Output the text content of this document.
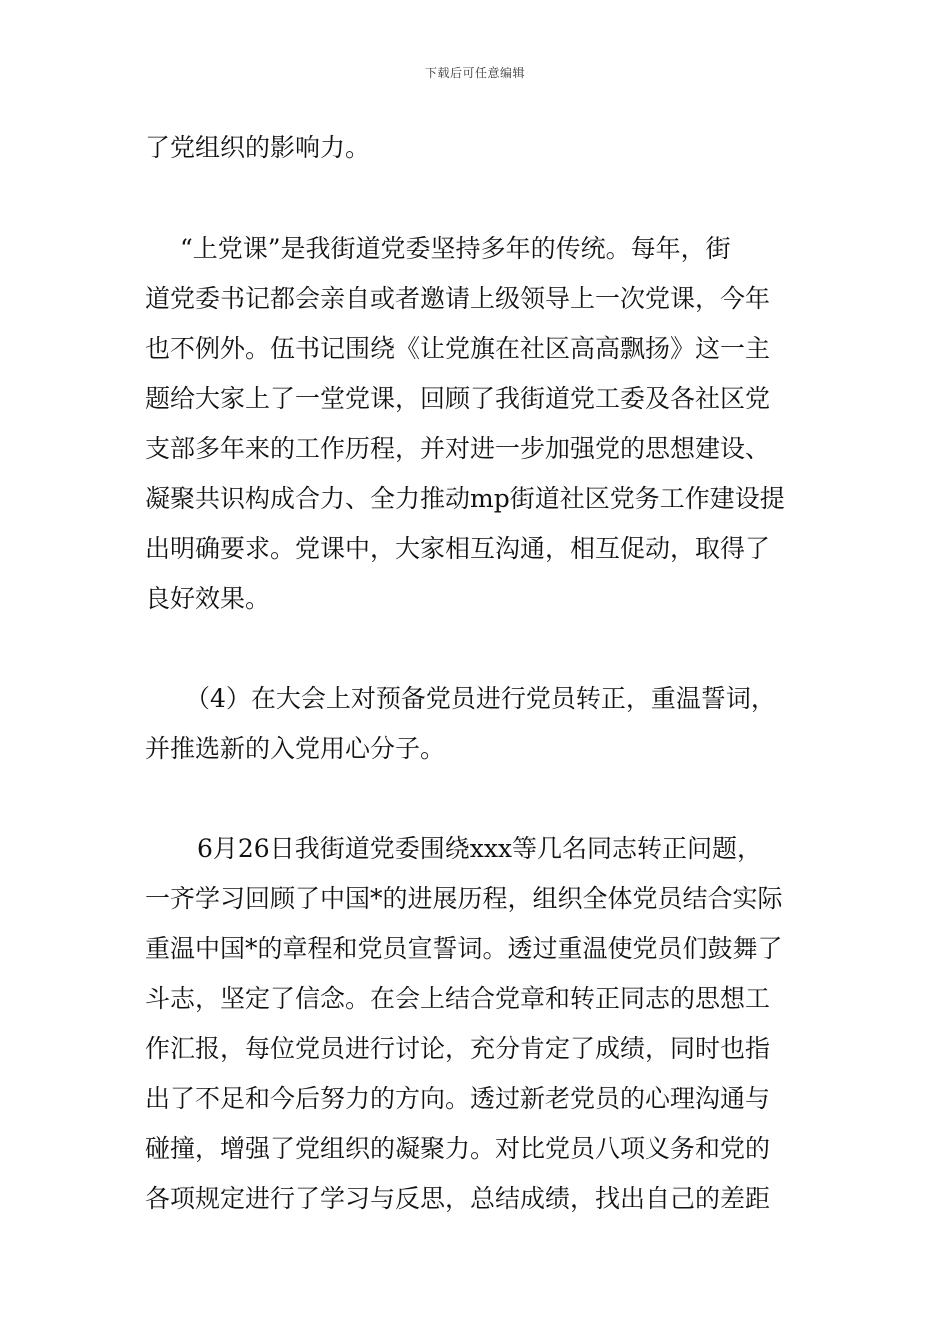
下载后可任意编辑
了党组织的影响力。
“上党课”是我街道党委坚持多年的传统。每年，街
道党委书记都会亲自或者邀请上级领导上一次党课，今年
也不例外。伍书记围绕《让党旗在社区高高飘扬》这一主
题给大家上了一堂党课，回顾了我街道党工委及各社区党
支部多年来的工作历程，并对进一步加强党的思想建设、
凝聚共识构成合力、全力推动mp街道社区党务工作建设提
出明确要求。党课中，大家相互沟通，相互促动，取得了
良好效果。
（4）在大会上对预备党员进行党员转正，重温誓词，
并推选新的入党用心分子。
6月26日我街道党委围绕xxx等几名同志转正问题，
一齐学习回顾了中国*的进展历程，组织全体党员结合实际
重温中国*的章程和党员宣誓词。透过重温使党员们鼓舞了
斗志，坚定了信念。在会上结合党章和转正同志的思想工
作汇报，每位党员进行讨论，充分肯定了成绩，同时也指
出了不足和今后努力的方向。透过新老党员的心理沟通与
碰撞，增强了党组织的凝聚力。对比党员八项义务和党的
各项规定进行了学习与反思，总结成绩，找出自己的差距
